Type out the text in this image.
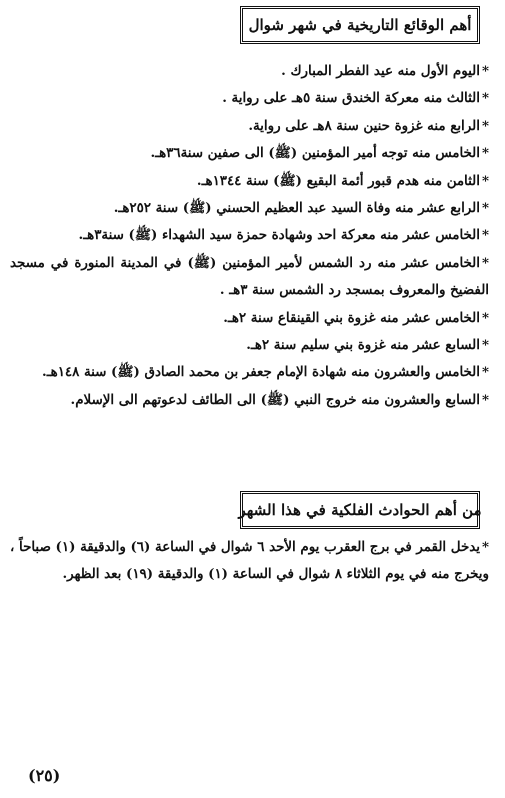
أهم الوقائع التاريخية في شهر شوال
*اليوم الأول منه عيد الفطر المبارك .
*الثالث منه معركة الخندق سنة ٥هـ على رواية .
*الرابع منه غزوة حنين سنة ٨هـ على رواية.
*الخامس منه توجه أمير المؤمنين (ﷺ) الى صفين سنة٣٦هـ.
*الثامن منه هدم قبور أئمة البقيع (ﷺ) سنة ١٣٤٤هـ.
*الرابع عشر منه وفاة السيد عبد العظيم الحسني (ﷺ) سنة ٢٥٢هـ.
*الخامس عشر منه معركة احد وشهادة حمزة سيد الشهداء (ﷺ) سنة٣هـ.
*الخامس عشر منه رد الشمس لأمير المؤمنين (ﷺ) في المدينة المنورة في مسجد الفضيخ والمعروف بمسجد رد الشمس سنة ٣هـ .
*الخامس عشر منه غزوة بني القينقاع سنة ٢هـ.
*السابع عشر منه غزوة بني سليم سنة ٢هـ.
*الخامس والعشرون منه شهادة الإمام جعفر بن محمد الصادق (ﷺ) سنة ١٤٨هـ.
*السابع والعشرون منه خروج النبي (ﷺ) الى الطائف لدعوتهم الى الإسلام.
من أهم الحوادث الفلكية في هذا الشهر
*يدخل القمر في برج العقرب يوم الأحد ٦ شوال في الساعة (٦) والدقيقة (١) صباحاً ، ويخرج منه في يوم الثلاثاء ٨ شوال في الساعة (١) والدقيقة (١٩) بعد الظهر.
(٢٥)
